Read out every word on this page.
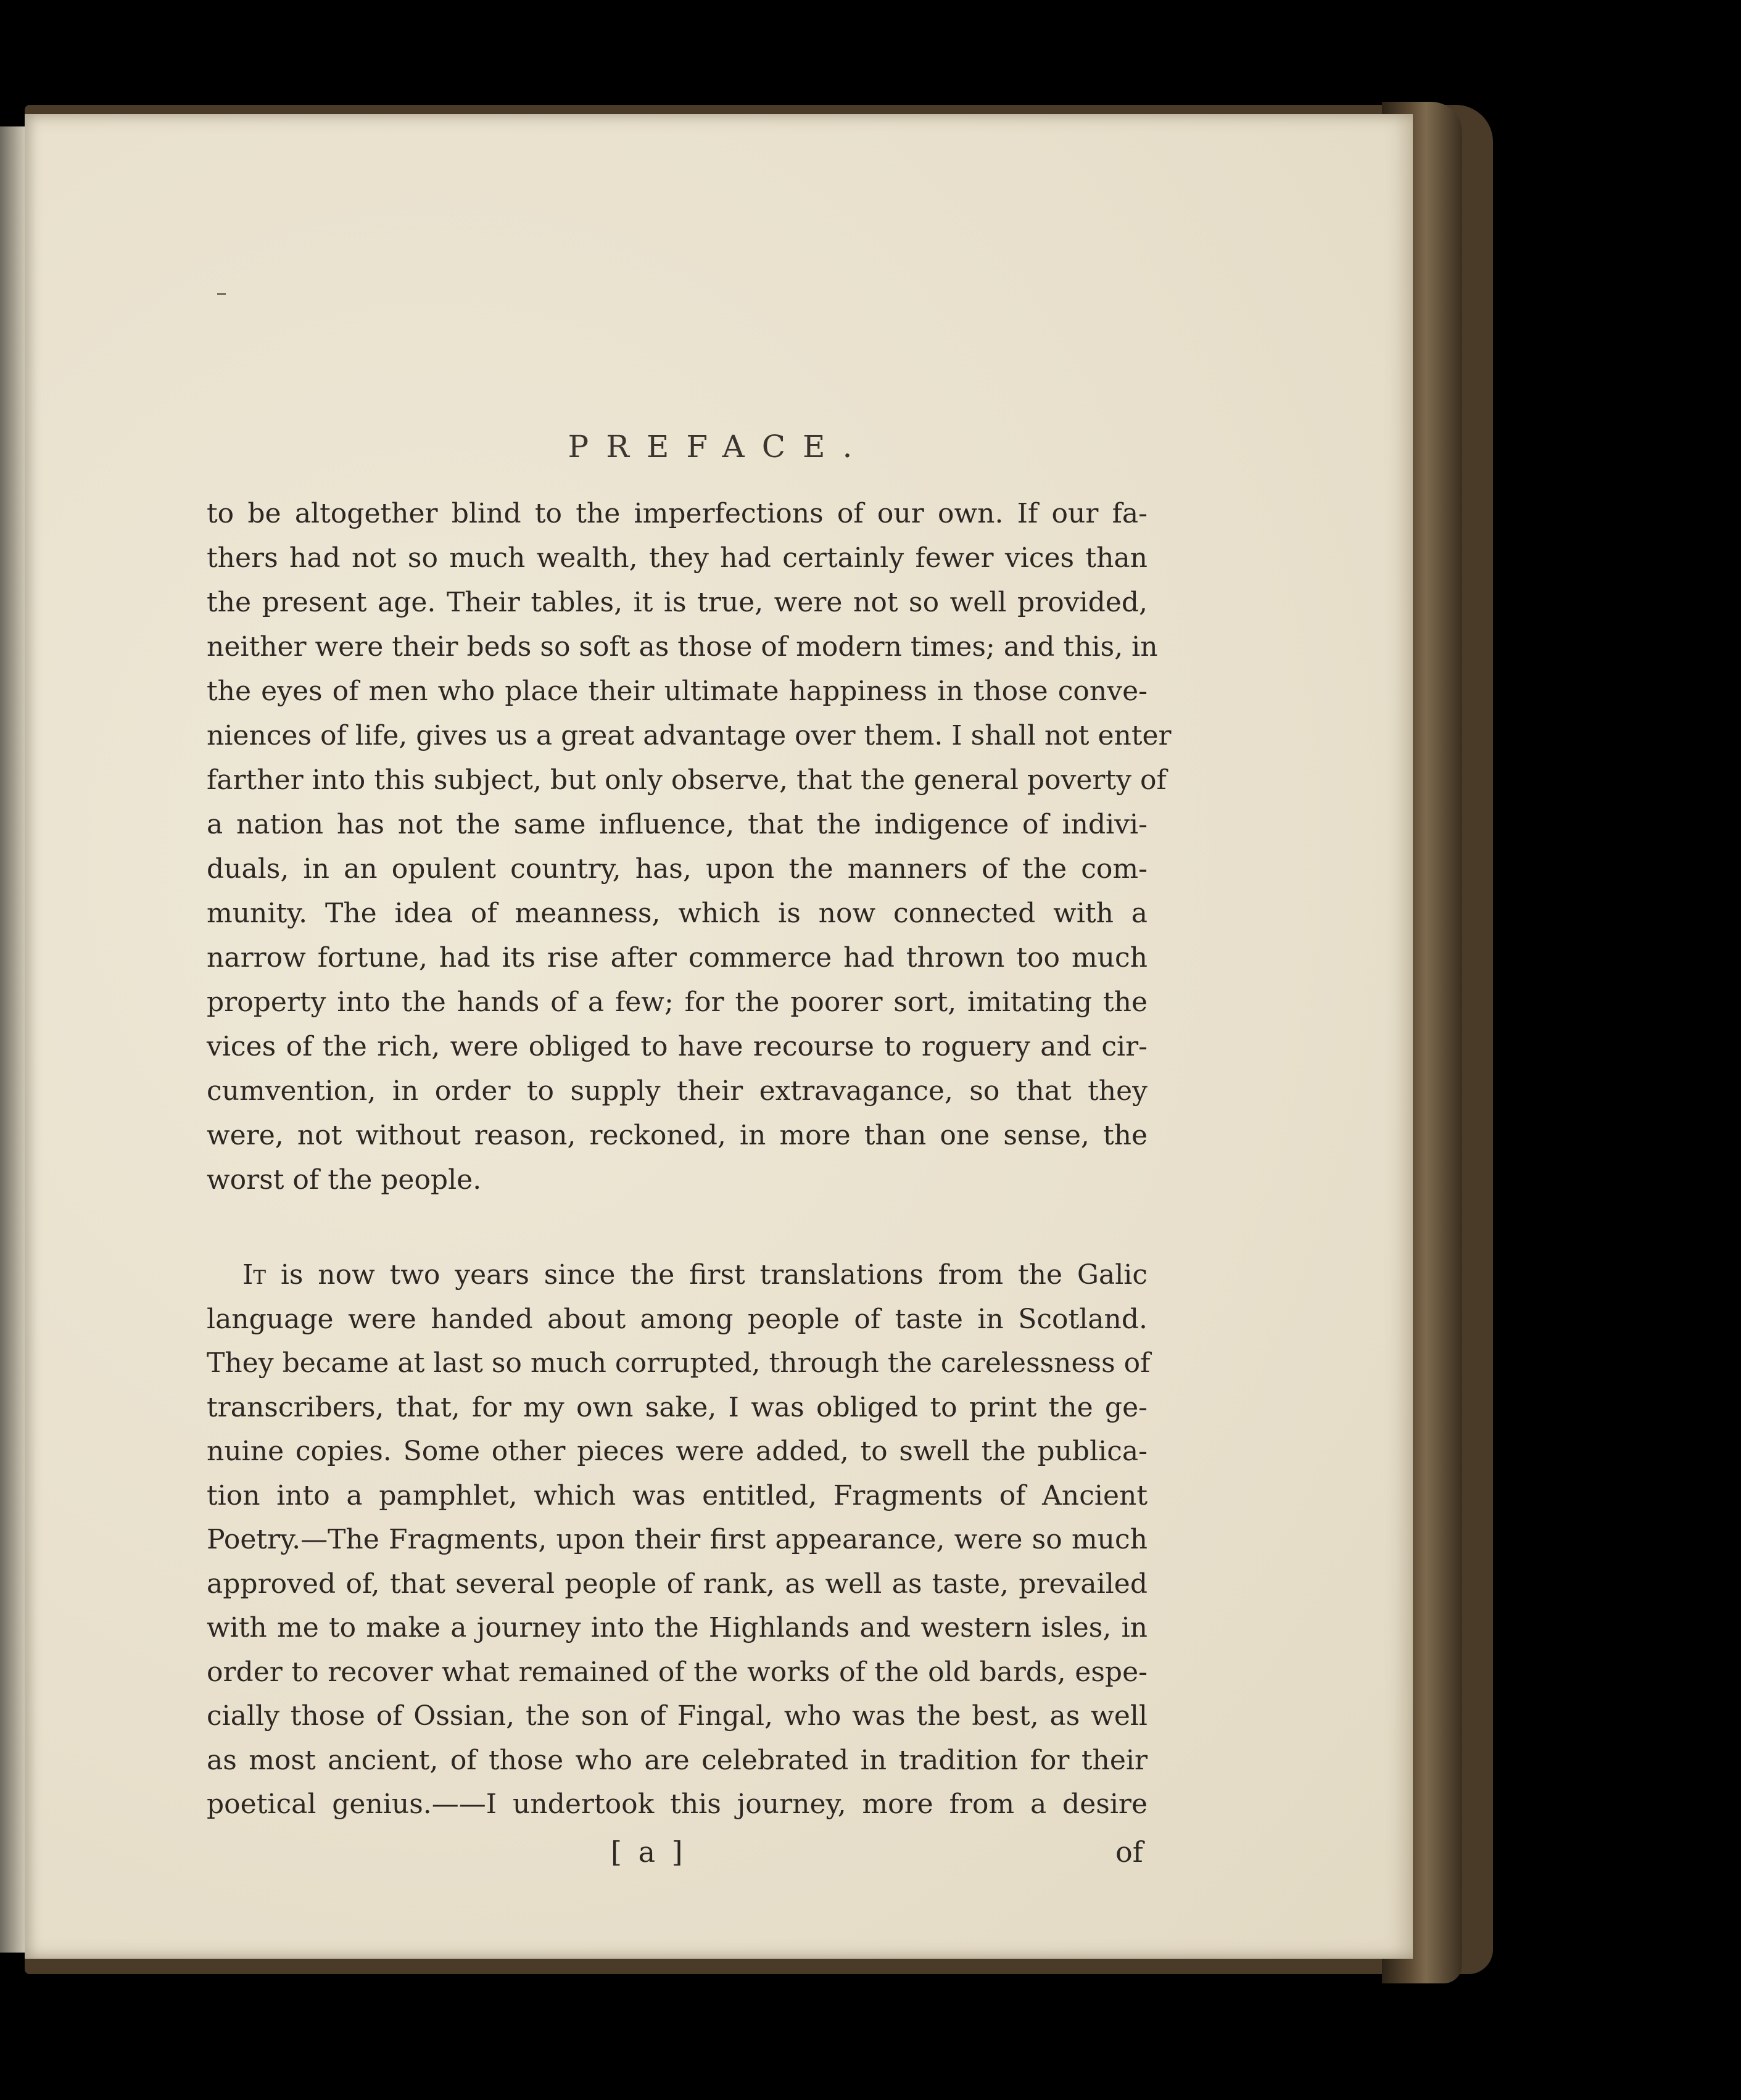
PREFACE.
to be altogether blind to the imperfections of our own. If our fa-
thers had not so much wealth, they had certainly fewer vices than
the present age. Their tables, it is true, were not so well provided,
neither were their beds so soft as those of modern times; and this, in
the eyes of men who place their ultimate happiness in those conve-
niences of life, gives us a great advantage over them. I shall not enter
farther into this subject, but only observe, that the general poverty of
a nation has not the same influence, that the indigence of indivi-
duals, in an opulent country, has, upon the manners of the com-
munity. The idea of meanness, which is now connected with a
narrow fortune, had its rise after commerce had thrown too much
property into the hands of a few; for the poorer sort, imitating the
vices of the rich, were obliged to have recourse to roguery and cir-
cumvention, in order to supply their extravagance, so that they
were, not without reason, reckoned, in more than one sense, the
worst of the people.
It is now two years since the first translations from the Galic
language were handed about among people of taste in Scotland.
They became at last so much corrupted, through the carelessness of
transcribers, that, for my own sake, I was obliged to print the ge-
nuine copies. Some other pieces were added, to swell the publica-
tion into a pamphlet, which was entitled, Fragments of Ancient
Poetry.—The Fragments, upon their first appearance, were so much
approved of, that several people of rank, as well as taste, prevailed
with me to make a journey into the Highlands and western isles, in
order to recover what remained of the works of the old bards, espe-
cially those of Ossian, the son of Fingal, who was the best, as well
as most ancient, of those who are celebrated in tradition for their
poetical genius.——I undertook this journey, more from a desire
[ a ]	of
